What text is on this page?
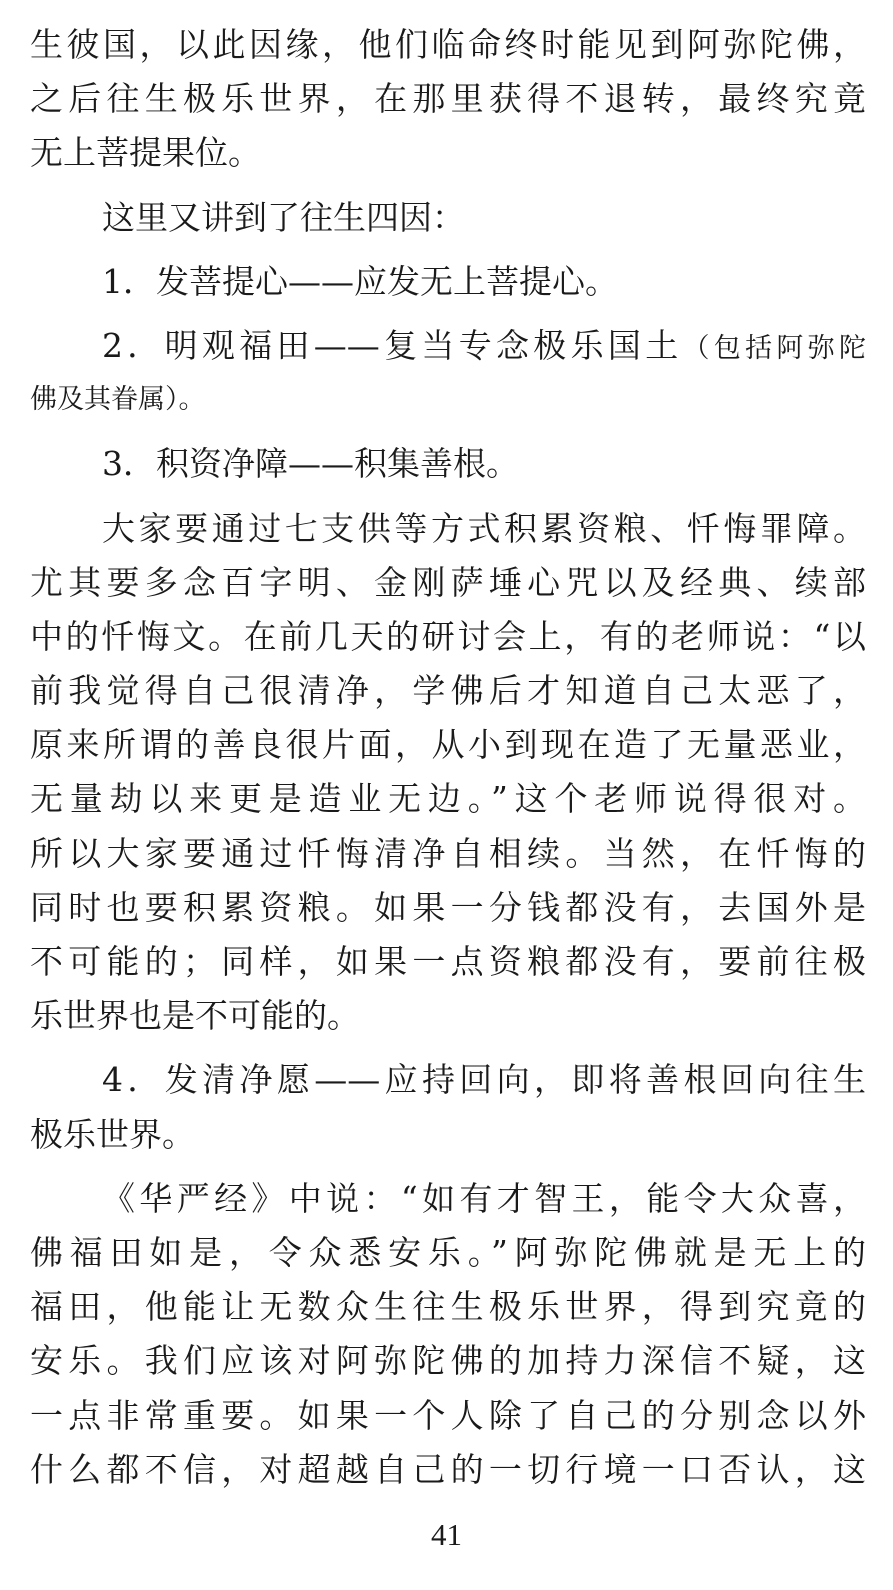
生彼国，以此因缘，他们临命终时能见到阿弥陀佛，
之后往生极乐世界，在那里获得不退转，最终究竟
无上菩提果位。
这里又讲到了往生四因：
1．发菩提心——应发无上菩提心。
2．明观福田——复当专念极乐国土（包括阿弥陀
佛及其眷属）。
3．积资净障——积集善根。
大家要通过七支供等方式积累资粮、忏悔罪障。
尤其要多念百字明、金刚萨埵心咒以及经典、续部
中的忏悔文。在前几天的研讨会上，有的老师说：“以
前我觉得自己很清净，学佛后才知道自己太恶了，
原来所谓的善良很片面，从小到现在造了无量恶业，
无量劫以来更是造业无边。”这个老师说得很对。
所以大家要通过忏悔清净自相续。当然，在忏悔的
同时也要积累资粮。如果一分钱都没有，去国外是
不可能的；同样，如果一点资粮都没有，要前往极
乐世界也是不可能的。
4．发清净愿——应持回向，即将善根回向往生
极乐世界。
《华严经》中说：“如有才智王，能令大众喜，
佛福田如是，令众悉安乐。”阿弥陀佛就是无上的
福田，他能让无数众生往生极乐世界，得到究竟的
安乐。我们应该对阿弥陀佛的加持力深信不疑，这
一点非常重要。如果一个人除了自己的分别念以外
什么都不信，对超越自己的一切行境一口否认，这
41
